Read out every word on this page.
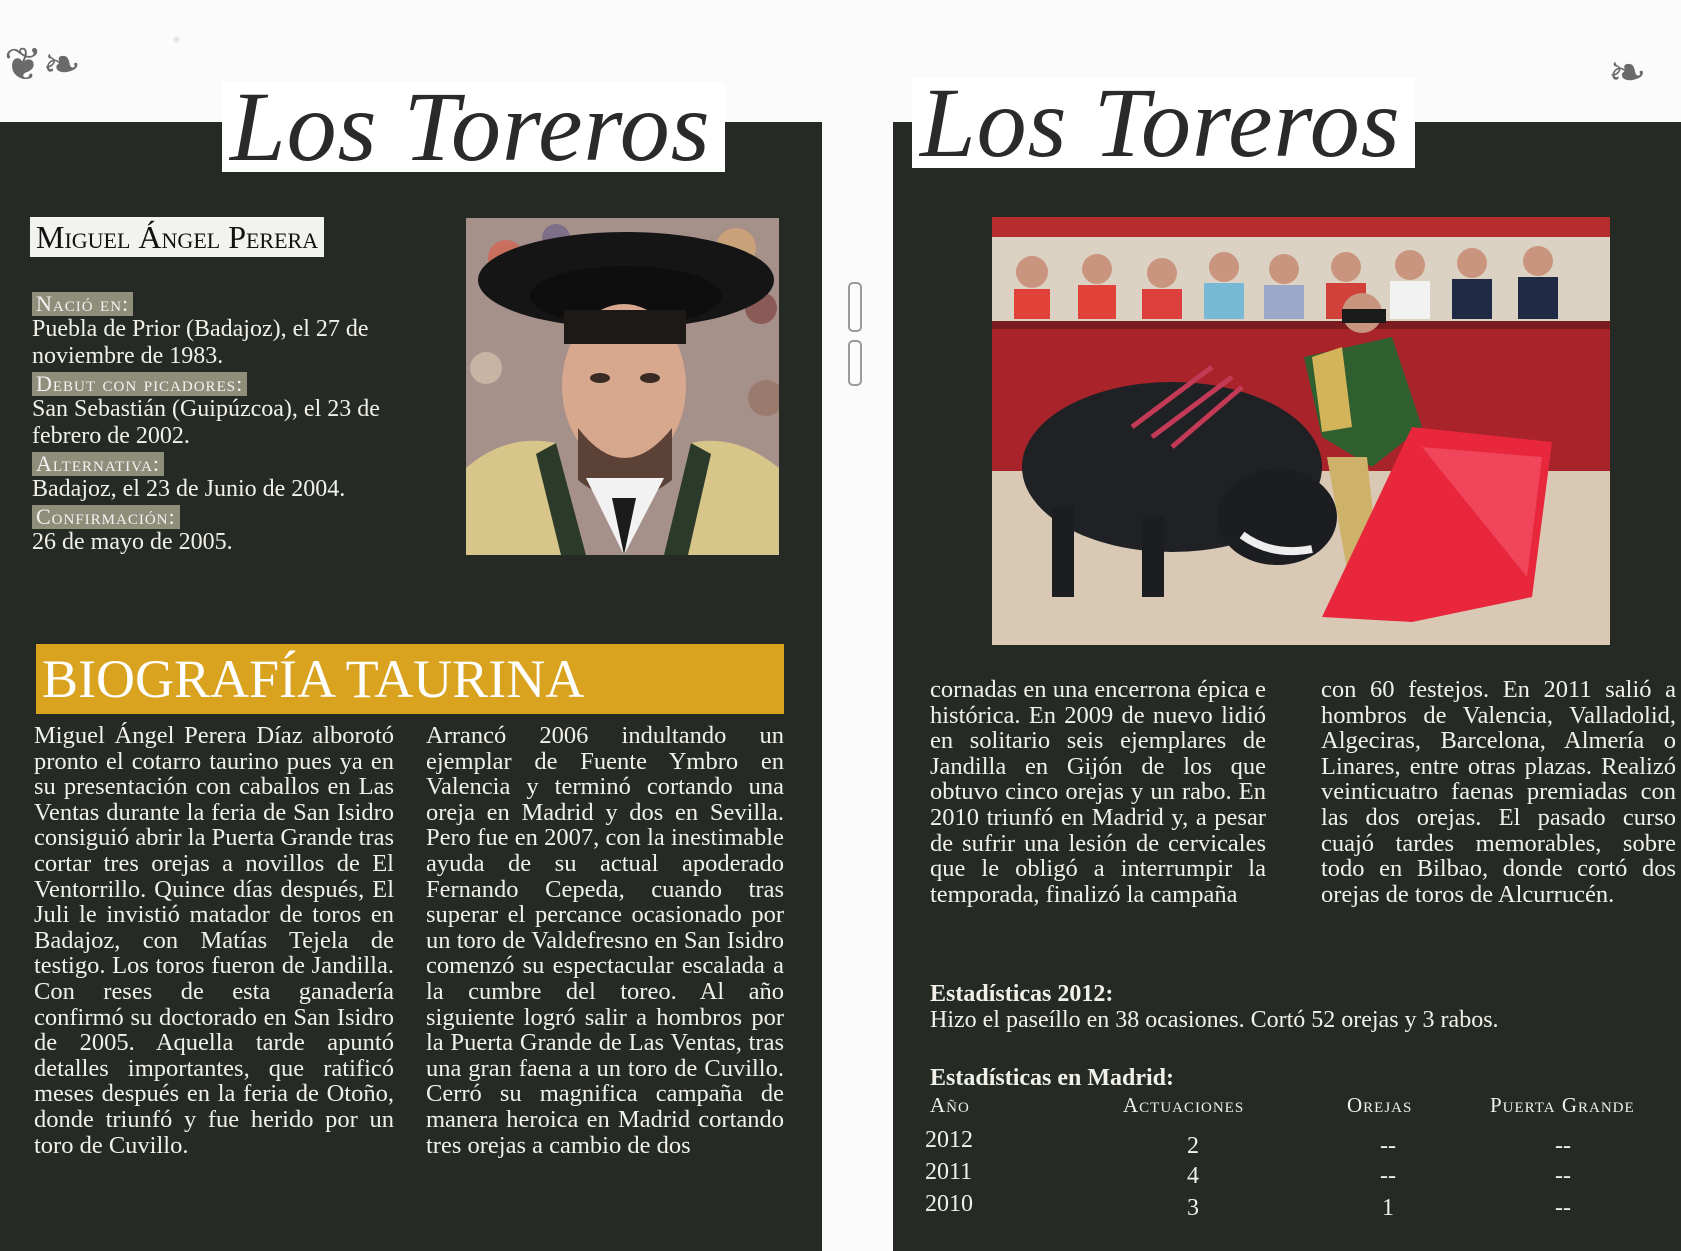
❦❧	❧
Miguel Ángel Perera
Nació en:
Puebla de Prior (Badajoz), el 27 de noviembre de 1983.
Debut con picadores:
San Sebastián (Guipúzcoa), el 23 de febrero de 2002.
Alternativa:
Badajoz, el 23 de Junio de 2004.
Confirmación:
26 de mayo de 2005.
BIOGRAFÍA TAURINA
Miguel Ángel Perera Díaz alborotó pronto el cotarro taurino pues ya en su presentación con caballos en Las Ventas durante la feria de San Isidro consiguió abrir la Puerta Grande tras cortar tres orejas a novillos de El Ventorrillo. Quince días después, El Juli le invistió matador de toros en Badajoz, con Matías Tejela de testigo. Los toros fueron de Jandilla. Con reses de esta ganadería confirmó su doctorado en San Isidro de 2005. Aquella tarde apuntó detalles importantes, que ratificó meses después en la feria de Otoño, donde triunfó y fue herido por un toro de Cuvillo.
Arrancó 2006 indultando un ejemplar de Fuente Ymbro en Valencia y terminó cortando una oreja en Madrid y dos en Sevilla. Pero fue en 2007, con la inestimable ayuda de su actual apoderado Fernando Cepeda, cuando tras superar el percance ocasionado por un toro de Valdefresno en San Isidro comenzó su espectacular escalada a la cumbre del toreo. Al año siguiente logró salir a hombros por la Puerta Grande de Las Ventas, tras una gran faena a un toro de Cuvillo. Cerró su magnifica campaña de manera heroica en Madrid cortando tres orejas a cambio de dos
·
Los Toreros
cornadas en una encerrona épica e histórica. En 2009 de nuevo lidió en solitario seis ejemplares de Jandilla en Gijón de los que obtuvo cinco orejas y un rabo. En 2010 triunfó en Madrid y, a pesar de sufrir una lesión de cervicales que le obligó a interrumpir la temporada, finalizó la campaña
con 60 festejos. En 2011 salió a hombros de Valencia, Valladolid, Algeciras, Barcelona, Almería o Linares, entre otras plazas. Realizó veinticuatro faenas premiadas con las dos orejas. El pasado curso cuajó tardes memorables, sobre todo en Bilbao, donde cortó dos orejas de toros de Alcurrucén.
Estadísticas 2012:
Hizo el paseíllo en 38 ocasiones. Cortó 52 orejas y 3 rabos.
Estadísticas en Madrid:
Año	Actuaciones	Orejas	Puerta Grande
2012	2	--	--
2011	4	--	--
2010	3	1	--
Los Toreros
